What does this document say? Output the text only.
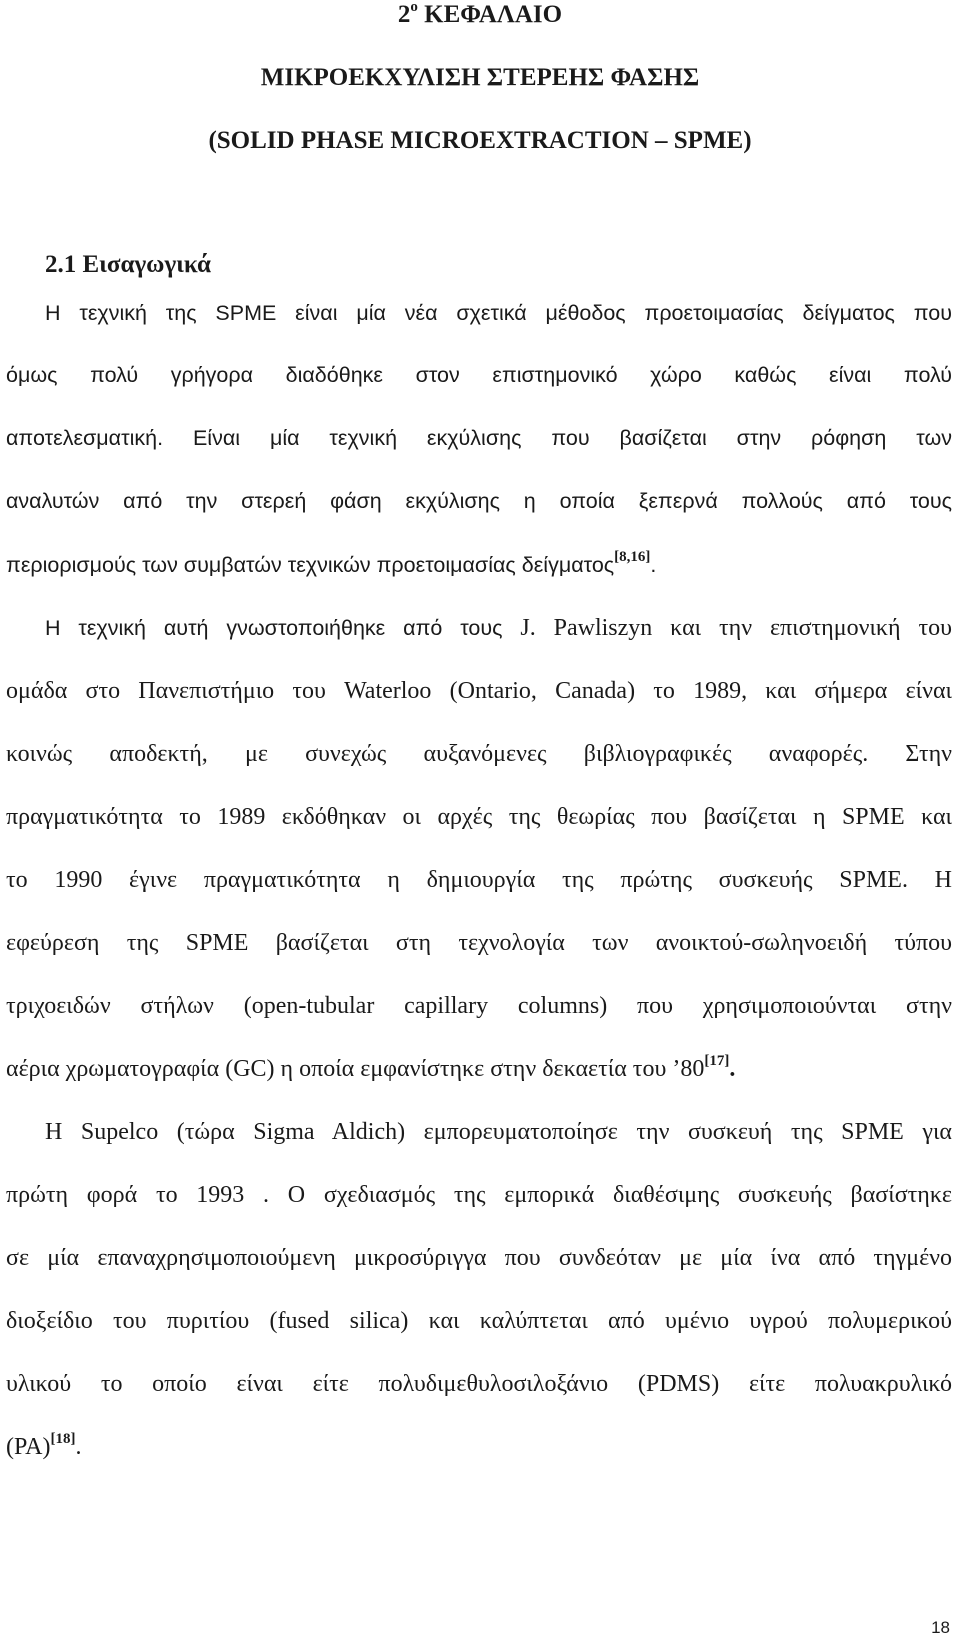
$2^o$ ΚΕΦΑΛΑΙΟ
ΜΙΚΡΟΕΚΧΥΛΙΣΗ ΣΤΕΡΕΗΣ ΦΑΣΗΣ
(SOLID PHASE MICROEXTRACTION – SPME)
2.1 Εισαγωγικά
Η τεχνική της SPME είναι μία νέα σχετικά μέθοδος προετοιμασίας δείγματος που
όμως πολύ γρήγορα διαδόθηκε στον επιστημονικό χώρο καθώς είναι πολύ
αποτελεσματική. Είναι μία τεχνική εκχύλισης που βασίζεται στην ρόφηση των
αναλυτών από την στερεή φάση εκχύλισης η οποία ξεπερνά πολλούς από τους
περιορισμούς των συμβατών τεχνικών προετοιμασίας δείγματος[8,16].
Η τεχνική αυτή γνωστοποιήθηκε από τους J. Pawliszyn και την επιστημονική του
ομάδα στο Πανεπιστήμιο του Waterloo (Ontario, Canada) το 1989, και σήμερα είναι
κοινώς αποδεκτή, με συνεχώς αυξανόμενες βιβλιογραφικές αναφορές. Στην
πραγματικότητα το 1989 εκδόθηκαν οι αρχές της θεωρίας που βασίζεται η SPME και
το 1990 έγινε πραγματικότητα η δημιουργία της πρώτης συσκευής SPME. Η
εφεύρεση της SPME βασίζεται στη τεχνολογία των ανοικτού-σωληνοειδή τύπου
τριχοειδών στήλων (open-tubular capillary columns) που χρησιμοποιούνται στην
αέρια χρωματογραφία (GC) η οποία εμφανίστηκε στην δεκαετία του ’80[17].
Η Supelco (τώρα Sigma Aldich) εμπορευματοποίησε την συσκευή της SPME για
πρώτη φορά το 1993 . Ο σχεδιασμός της εμπορικά διαθέσιμης συσκευής βασίστηκε
σε μία επαναχρησιμοποιούμενη μικροσύριγγα που συνδεόταν με μία ίνα από τηγμένο
διοξείδιο του πυριτίου (fused silica) και καλύπτεται από υμένιο υγρού πολυμερικού
υλικού το οποίο είναι είτε πολυδιμεθυλοσιλοξάνιο (PDMS) είτε πολυακρυλικό
(PA)[18].
18
